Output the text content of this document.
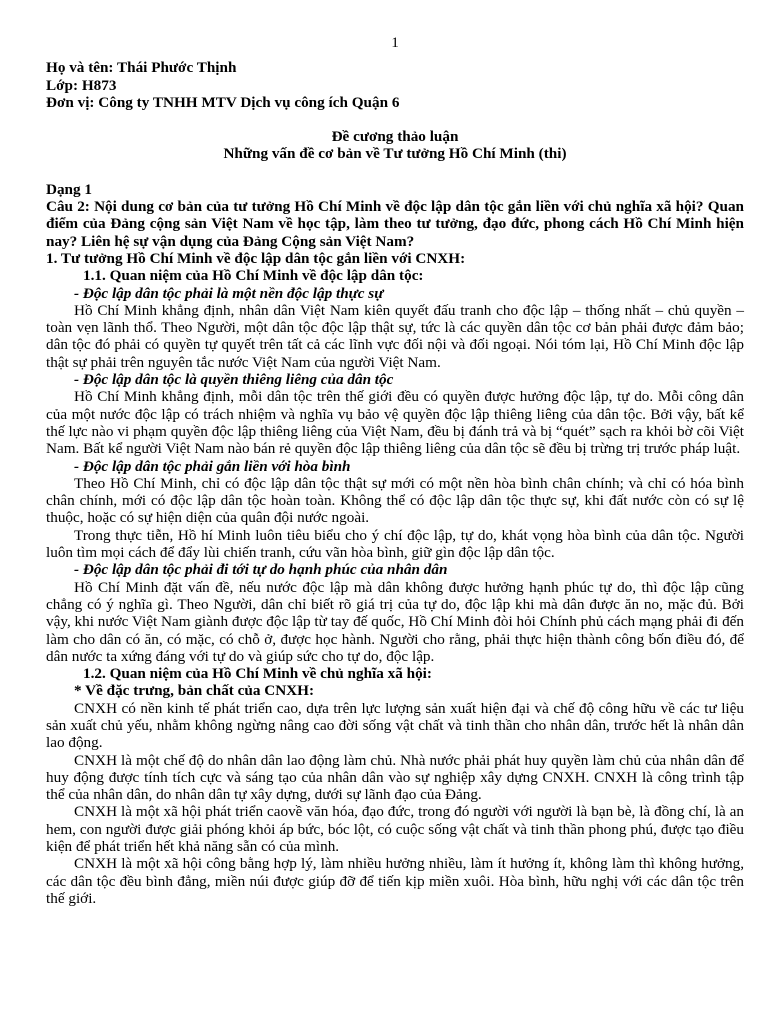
1

Họ và tên: Thái Phước Thịnh

Lớp: H873

Đơn vị: Công ty TNHH MTV Dịch vụ công ích Quận 6

Đề cương thảo luận

Những vấn đề cơ bản về Tư tưởng Hồ Chí Minh (thi)

Dạng 1

Câu 2: Nội dung cơ bản của tư tưởng Hồ Chí Minh về độc lập dân tộc gắn liền với chủ nghĩa xã hội? Quan điểm của Đảng cộng sản Việt Nam về học tập, làm theo tư tưởng, đạo đức, phong cách Hồ Chí Minh hiện nay? Liên hệ sự vận dụng của Đảng Cộng sản Việt Nam?

1. Tư tưởng Hồ Chí Minh về độc lập dân tộc gắn liền với CNXH:

1.1. Quan niệm của Hồ Chí Minh về độc lập dân tộc:

- Độc lập dân tộc phải là một nền độc lập thực sự

Hồ Chí Minh khẳng định, nhân dân Việt Nam kiên quyết đấu tranh cho độc lập – thống nhất – chủ quyền – toàn vẹn lãnh thổ. Theo Người, một dân tộc độc lập thật sự, tức là các quyền dân tộc cơ bản phải được đảm bảo; dân tộc đó phải có quyền tự quyết trên tất cả các lĩnh vực đối nội và đối ngoại. Nói tóm lại, Hồ Chí Minh độc lập thật sự phải trên nguyên tắc nước Việt Nam của người Việt Nam.

- Độc lập dân tộc là quyền thiêng liêng của dân tộc

Hồ Chí Minh khẳng định, mỗi dân tộc trên thế giới đều có quyền được hưởng độc lập, tự do. Mỗi công dân của một nước độc lập có trách nhiệm và nghĩa vụ bảo vệ quyền độc lập thiêng liêng của dân tộc. Bởi vậy, bất kể thế lực nào vi phạm quyền độc lập thiêng liêng của Việt Nam, đều bị đánh trả và bị “quét” sạch ra khỏi bờ cõi Việt Nam. Bất kể người Việt Nam nào bán rẻ quyền độc lập thiêng liêng của dân tộc sẽ đều bị trừng trị trước pháp luật.

- Độc lập dân tộc phải gắn liền với hòa bình

Theo Hồ Chí Minh, chỉ có độc lập dân tộc thật sự mới có một nền hòa bình chân chính; và chỉ có hóa bình chân chính, mới có độc lập dân tộc hoàn toàn. Không thể có độc lập dân tộc thực sự, khi đất nước còn có sự lệ thuộc, hoặc có sự hiện diện của quân đội nước ngoài.

Trong thực tiễn, Hồ hí Minh luôn tiêu biểu cho ý chí độc lập, tự do, khát vọng hòa bình của dân tộc. Người luôn tìm mọi cách để đẩy lùi chiến tranh, cứu vãn hòa bình, giữ gìn độc lập dân tộc.

- Độc lập dân tộc phải đi tới tự do hạnh phúc của nhân dân

Hồ Chí Minh đặt vấn đề, nếu nước độc lập mà dân không được hưởng hạnh phúc tự do, thì độc lập cũng chẳng có ý nghĩa gì. Theo Người, dân chỉ biết rõ giá trị của tự do, độc lập khi mà dân được ăn no, mặc đủ. Bởi vậy, khi nước Việt Nam giành được độc lập từ tay đế quốc, Hồ Chí Minh đòi hỏi Chính phủ cách mạng phải đi đến làm cho dân có ăn, có mặc, có chỗ ở, được học hành. Người cho rằng, phải thực hiện thành công bốn điều đó, để dân nước ta xứng đáng với tự do và giúp sức cho tự do, độc lập.

1.2. Quan niệm của Hồ Chí Minh về chủ nghĩa xã hội:

* Về đặc trưng, bản chất của CNXH:

CNXH có nền kinh tế phát triển cao, dựa trên lực lượng sản xuất hiện đại và chế độ công hữu về các tư liệu sản xuất chủ yếu, nhằm không ngừng nâng cao đời sống vật chất và tinh thần cho nhân dân, trước hết là nhân dân lao động.

CNXH là một chế độ do nhân dân lao động làm chủ. Nhà nước phải phát huy quyền làm chủ của nhân dân để huy động được tính tích cực và sáng tạo của nhân dân vào sự nghiệp xây dựng CNXH. CNXH là công trình tập thể của nhân dân, do nhân dân tự xây dựng, dưới sự lãnh đạo của Đảng.

CNXH là một xã hội phát triển caovề văn hóa, đạo đức, trong đó người với người là bạn bè, là đồng chí, là an hem, con người được giải phóng khỏi áp bức, bóc lột, có cuộc sống vật chất và tinh thần phong phú, được tạo điều kiện để phát triển hết khả năng sẵn có của mình.

CNXH là một xã hội công bằng hợp lý, làm nhiều hưởng nhiều, làm ít hưởng ít, không làm thì không hưởng, các dân tộc đều bình đẳng, miền núi được giúp đỡ để tiến kịp miền xuôi. Hòa bình, hữu nghị với các dân tộc trên thế giới.
